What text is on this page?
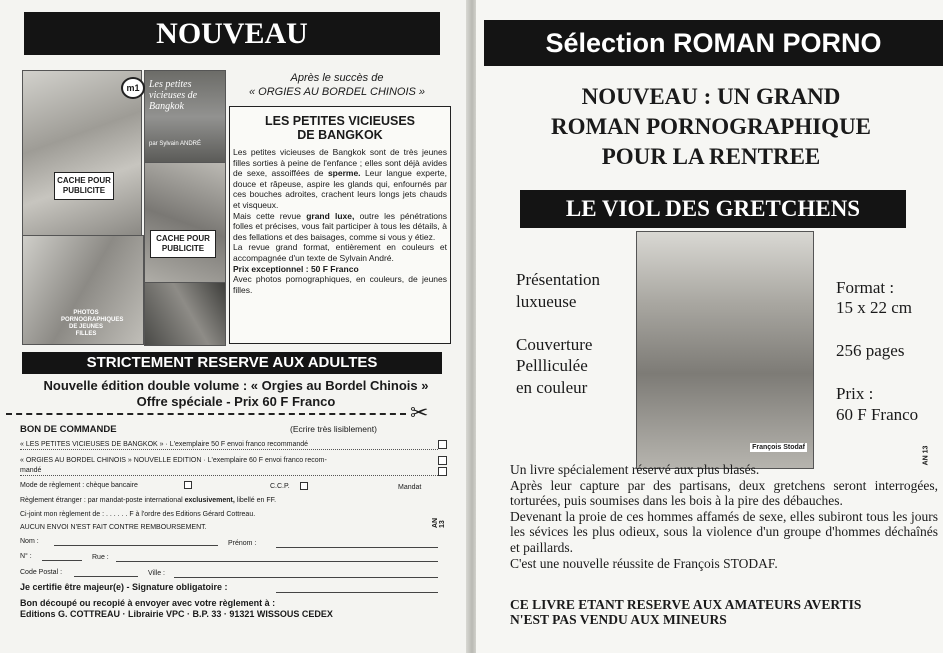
NOUVEAU
m1 Les petites vicieuses de Bangkok
par Sylvain ANDRÉ
PHOTOS PORNOGRAPHIQUES DE JEUNES FILLES
CACHE POUR PUBLICITE
CACHE POUR PUBLICITE
Après le succès de
« ORGIES AU BORDEL CHINOIS »
LES PETITES VICIEUSES
DE BANGKOK
Les petites vicieuses de Bangkok sont de très jeunes filles sorties à peine de l'enfance ; elles sont déjà avides de sexe, assoiffées de sperme. Leur langue experte, douce et râpeuse, aspire les glands qui, enfournés par ces bouches adroites, crachent leurs longs jets chauds et visqueux.
Mais cette revue grand luxe, outre les pénétrations folles et précises, vous fait participer à tous les détails, à des fellations et des baisages, comme si vous y étiez.
La revue grand format, entièrement en couleurs et accompagnée d'un texte de Sylvain André.
Prix exceptionnel : 50 F Franco
Avec photos pornographiques, en couleurs, de jeunes filles.
STRICTEMENT RESERVE AUX ADULTES
Nouvelle édition double volume : « Orgies au Bordel Chinois »
Offre spéciale - Prix 60 F Franco	✂
BON DE COMMANDE	(Ecrire très lisiblement)
« LES PETITES VICIEUSES DE BANGKOK » · L'exemplaire 50 F envoi franco recommandé
« ORGIES AU BORDEL CHINOIS » NOUVELLE EDITION · L'exemplaire 60 F envoi franco recom-
mandé
Mode de règlement : chèque bancaire	C.C.P.	Mandat
Règlement étranger : par mandat-poste international exclusivement, libellé en FF.
Ci-joint mon règlement de : . . . . . . F à l'ordre des Editions Gérard Cottreau.
AUCUN ENVOI N'EST FAIT CONTRE REMBOURSEMENT.	AN 13
Nom :	Prénom :
N° :	Rue :
Code Postal :	Ville :
Je certifie être majeur(e) - Signature obligatoire :
Bon découpé ou recopié à envoyer avec votre règlement à :
Editions G. COTTREAU · Librairie VPC · B.P. 33 · 91321 WISSOUS CEDEX
Sélection ROMAN PORNO
NOUVEAU : UN GRAND
ROMAN PORNOGRAPHIQUE
POUR LA RENTREE
LE VIOL DES GRETCHENS
François Stodaf
Présentation
luxueuse
Couverture
Pellliculée
en couleur
Format :
15 x 22 cm
256 pages
Prix :
60 F Franco
AN 13
Un livre spécialement réservé aux plus blasés.
Après leur capture par des partisans, deux gretchens seront interrogées, torturées, puis soumises dans les bois à la pire des débauches.
Devenant la proie de ces hommes affamés de sexe, elles subiront tous les jours les sévices les plus odieux, sous la violence d'un groupe d'hommes déchaînés et paillards.
C'est une nouvelle réussite de François STODAF.
CE LIVRE ETANT RESERVE AUX AMATEURS AVERTIS
N'EST PAS VENDU AUX MINEURS
